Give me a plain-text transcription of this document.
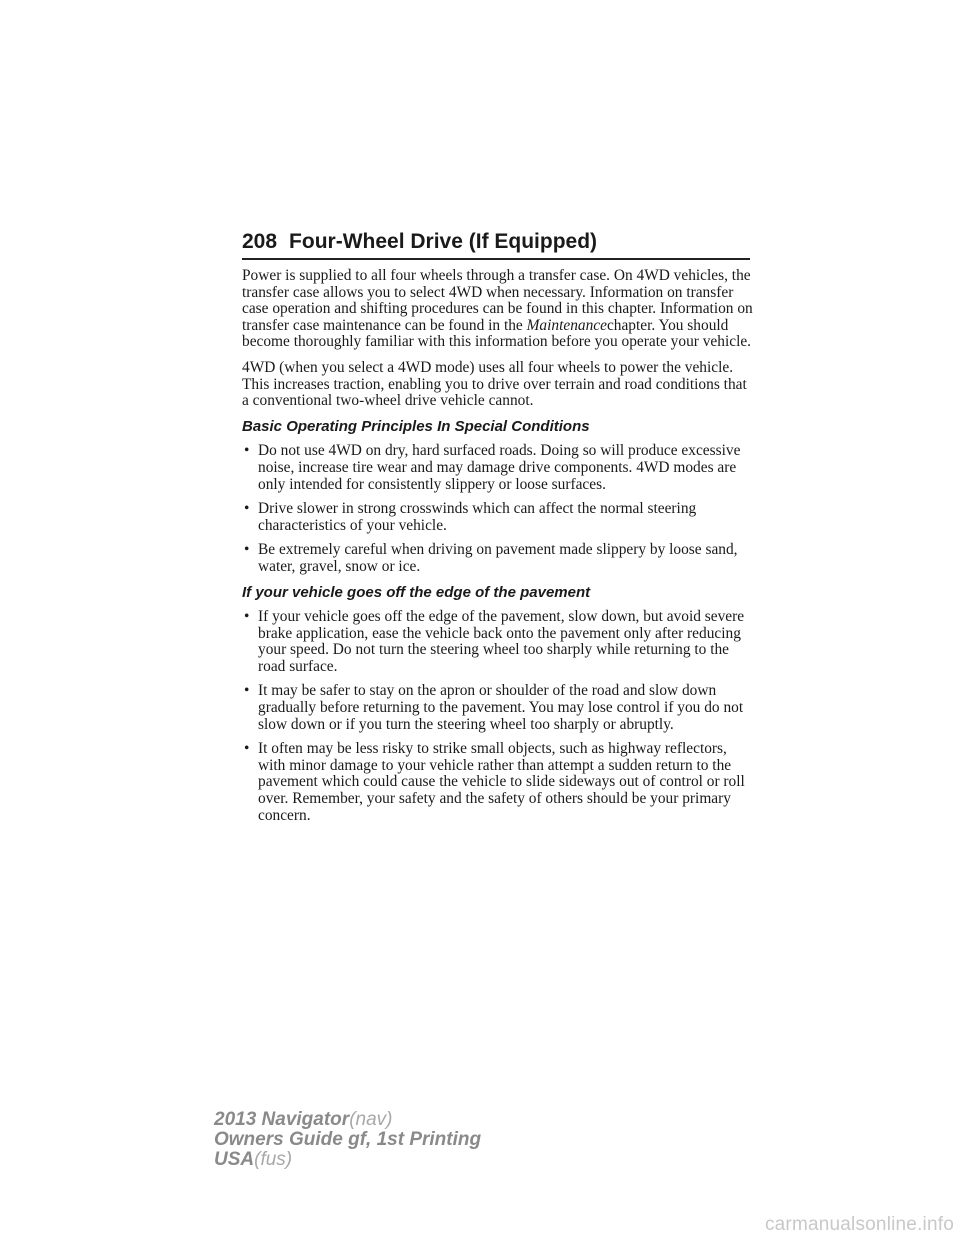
208 Four-Wheel Drive (If Equipped)

Power is supplied to all four wheels through a transfer case. On 4WD vehicles, the transfer case allows you to select 4WD when necessary. Information on transfer case operation and shifting procedures can be found in this chapter. Information on transfer case maintenance can be found in the Maintenancechapter. You should become thoroughly familiar with this information before you operate your vehicle.

4WD (when you select a 4WD mode) uses all four wheels to power the vehicle. This increases traction, enabling you to drive over terrain and road conditions that a conventional two-wheel drive vehicle cannot.

Basic Operating Principles In Special Conditions
• Do not use 4WD on dry, hard surfaced roads. Doing so will produce excessive noise, increase tire wear and may damage drive components. 4WD modes are only intended for consistently slippery or loose surfaces.
• Drive slower in strong crosswinds which can affect the normal steering characteristics of your vehicle.
• Be extremely careful when driving on pavement made slippery by loose sand, water, gravel, snow or ice.
If your vehicle goes off the edge of the pavement
• If your vehicle goes off the edge of the pavement, slow down, but avoid severe brake application, ease the vehicle back onto the pavement only after reducing your speed. Do not turn the steering wheel too sharply while returning to the road surface.
• It may be safer to stay on the apron or shoulder of the road and slow down gradually before returning to the pavement. You may lose control if you do not slow down or if you turn the steering wheel too sharply or abruptly.
• It often may be less risky to strike small objects, such as highway reflectors, with minor damage to your vehicle rather than attempt a sudden return to the pavement which could cause the vehicle to slide sideways out of control or roll over. Remember, your safety and the safety of others should be your primary concern.
2013 Navigator(nav)
Owners Guide gf, 1st Printing
USA(fus)
carmanualsonline.info
